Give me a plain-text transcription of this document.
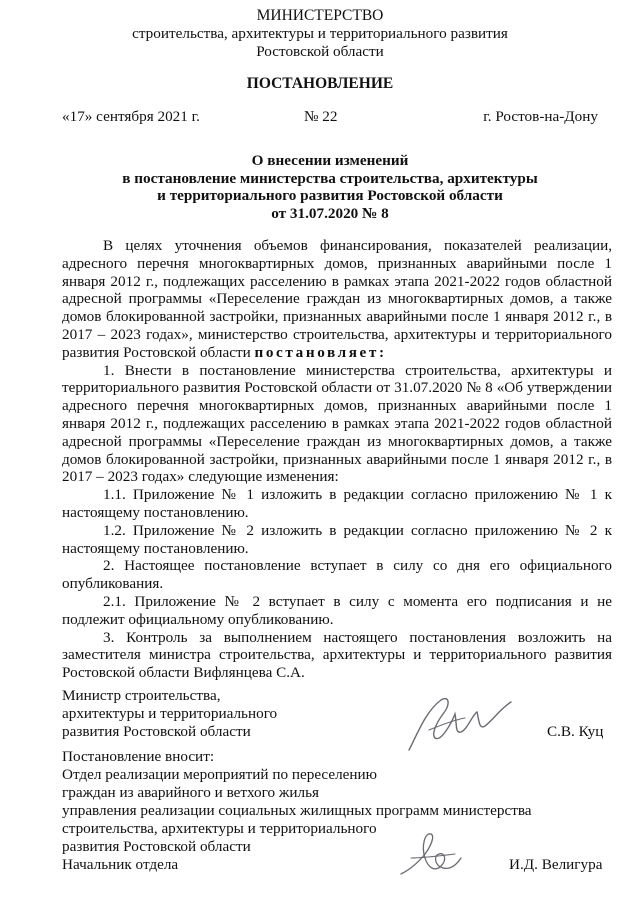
МИНИСТЕРСТВО
строительства, архитектуры и территориального развития
Ростовской области
ПОСТАНОВЛЕНИЕ
«17» сентября 2021 г.	№ 22	г. Ростов-на-Дону
О внесении изменений
в постановление министерства строительства, архитектуры
и территориального развития Ростовской области
от 31.07.2020 № 8

В целях уточнения объемов финансирования, показателей реализации, адресного перечня многоквартирных домов, признанных аварийными после 1 января 2012 г., подлежащих расселению в рамках этапа 2021-2022 годов областной адресной программы «Переселение граждан из многоквартирных домов, а также домов блокированной застройки, признанных аварийными после 1 января 2012 г., в 2017 – 2023 годах», министерство строительства, архитектуры и территориального развития Ростовской области постановляет:

1. Внести в постановление министерства строительства, архитектуры и территориального развития Ростовской области от 31.07.2020 № 8 «Об утверждении адресного перечня многоквартирных домов, признанных аварийными после 1 января 2012 г., подлежащих расселению в рамках этапа 2021-2022 годов областной адресной программы «Переселение граждан из многоквартирных домов, а также домов блокированной застройки, признанных аварийными после 1 января 2012 г., в 2017 – 2023 годах» следующие изменения:

1.1. Приложение № 1 изложить в редакции согласно приложению № 1 к настоящему постановлению.

1.2. Приложение № 2 изложить в редакции согласно приложению № 2 к настоящему постановлению.

2. Настоящее постановление вступает в силу со дня его официального опубликования.

2.1. Приложение № 2 вступает в силу с момента его подписания и не подлежит официальному опубликованию.

3. Контроль за выполнением настоящего постановления возложить на заместителя министра строительства, архитектуры и территориального развития Ростовской области Вифлянцева С.А.

Министр строительства,
архитектуры и территориального
развития Ростовской области	С.В. Куц
Постановление вносит:
Отдел реализации мероприятий по переселению
граждан из аварийного и ветхого жилья
управления реализации социальных жилищных программ министерства
строительства, архитектуры и территориального
развития Ростовской области
Начальник отдела	И.Д. Велигура
